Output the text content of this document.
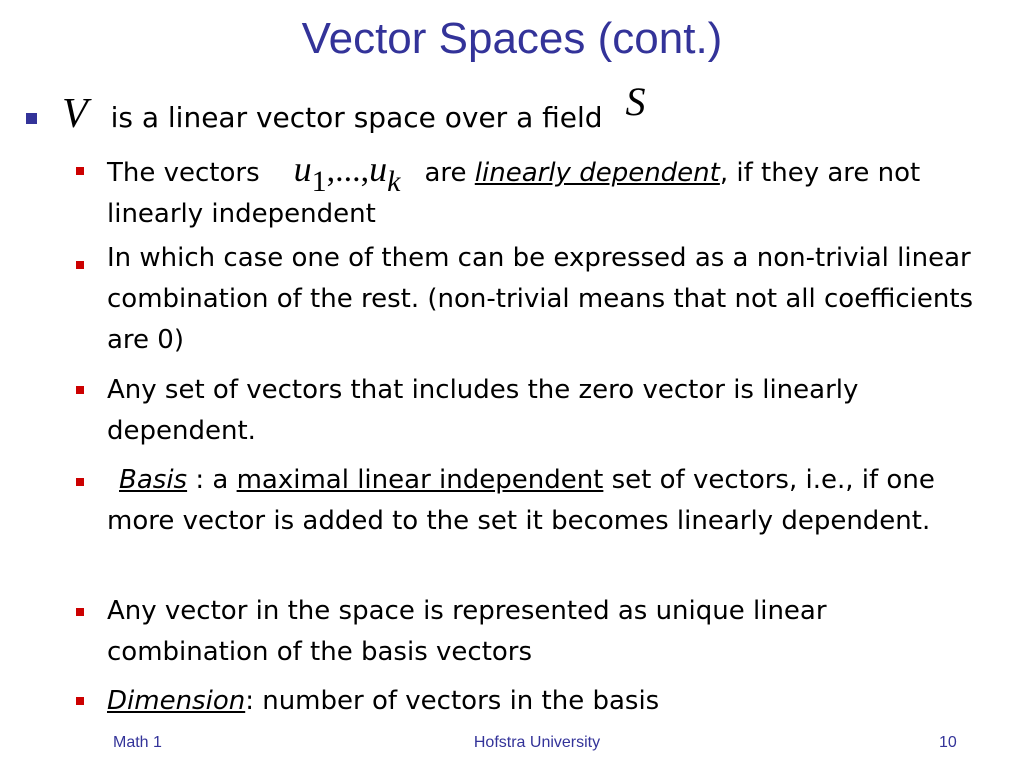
Vector Spaces (cont.)
V is a linear vector space over a field S
The vectors u1,...,uk are linearly dependent, if they are not linearly independent
In which case one of them can be expressed as a non-trivial linear combination of the rest. (non-trivial means that not all coefficients are 0)
Any set of vectors that includes the zero vector is linearly dependent.
Basis : a maximal linear independent set of vectors, i.e., if one more vector is added to the set it becomes linearly dependent.
Any vector in the space is represented as unique linear combination of the basis vectors
Dimension: number of vectors in the basis
Math 1	Hofstra University	10
